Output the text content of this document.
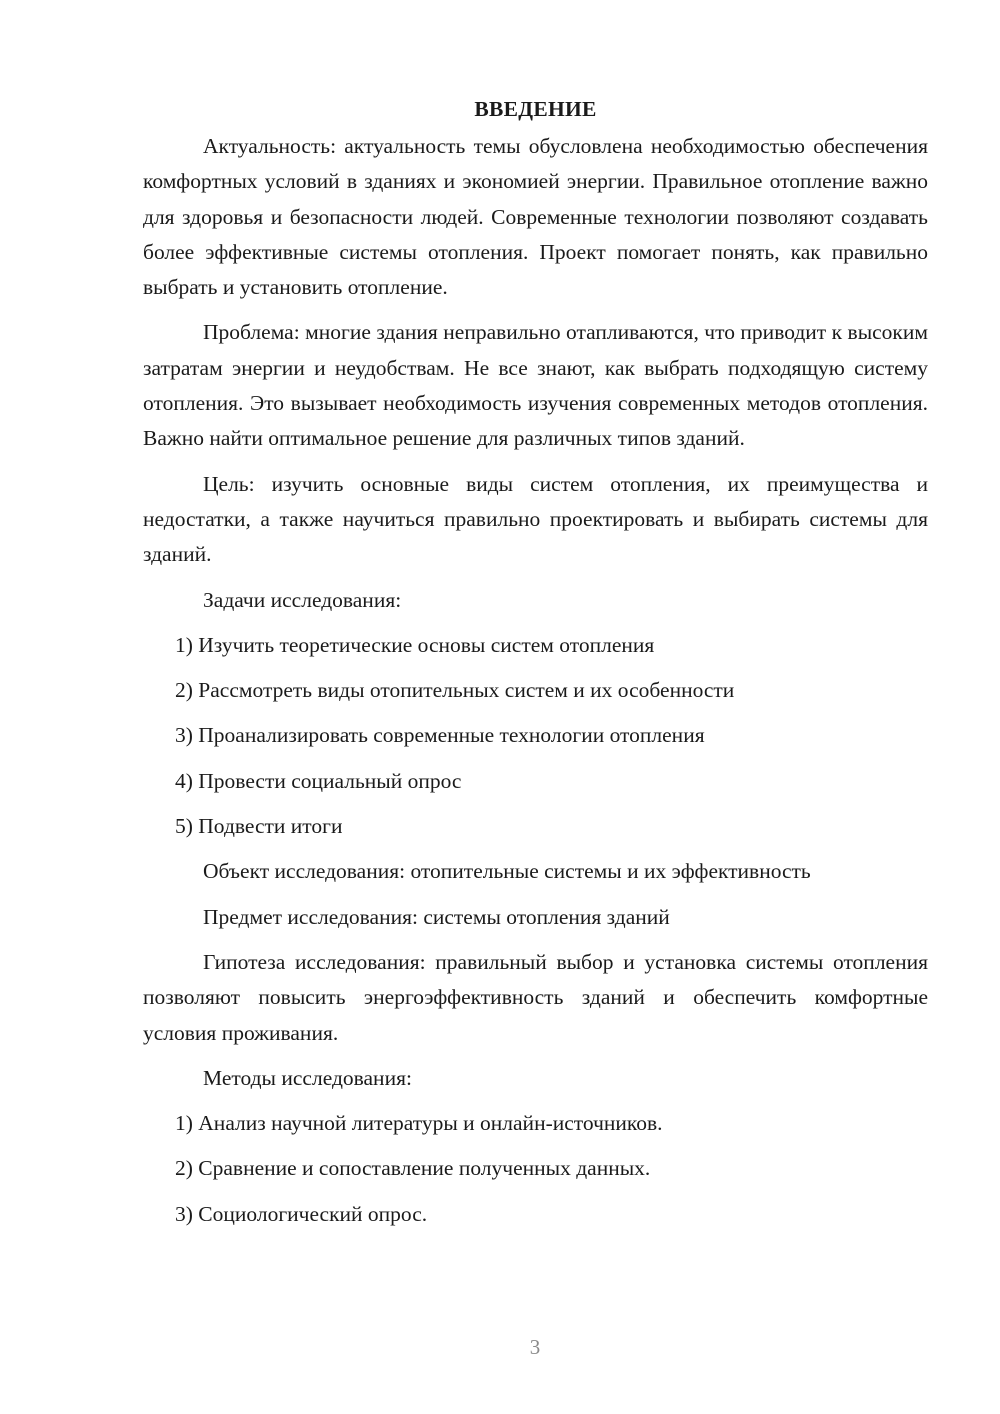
ВВЕДЕНИЕ

Актуальность: актуальность темы обусловлена необходимостью обеспечения комфортных условий в зданиях и экономией энергии. Правильное отопление важно для здоровья и безопасности людей. Современные технологии позволяют создавать более эффективные системы отопления. Проект помогает понять, как правильно выбрать и установить отопление.

Проблема: многие здания неправильно отапливаются, что приводит к высоким затратам энергии и неудобствам. Не все знают, как выбрать подходящую систему отопления. Это вызывает необходимость изучения современных методов отопления. Важно найти оптимальное решение для различных типов зданий.

Цель: изучить основные виды систем отопления, их преимущества и недостатки, а также научиться правильно проектировать и выбирать системы для зданий.

Задачи исследования:

1) Изучить теоретические основы систем отопления

2) Рассмотреть виды отопительных систем и их особенности

3) Проанализировать современные технологии отопления

4) Провести социальный опрос

5) Подвести итоги

Объект исследования: отопительные системы и их эффективность

Предмет исследования: системы отопления зданий

Гипотеза исследования: правильный выбор и установка системы отопления позволяют повысить энергоэффективность зданий и обеспечить комфортные условия проживания.

Методы исследования:

1) Анализ научной литературы и онлайн-источников.

2) Сравнение и сопоставление полученных данных.

3) Социологический опрос.

3
